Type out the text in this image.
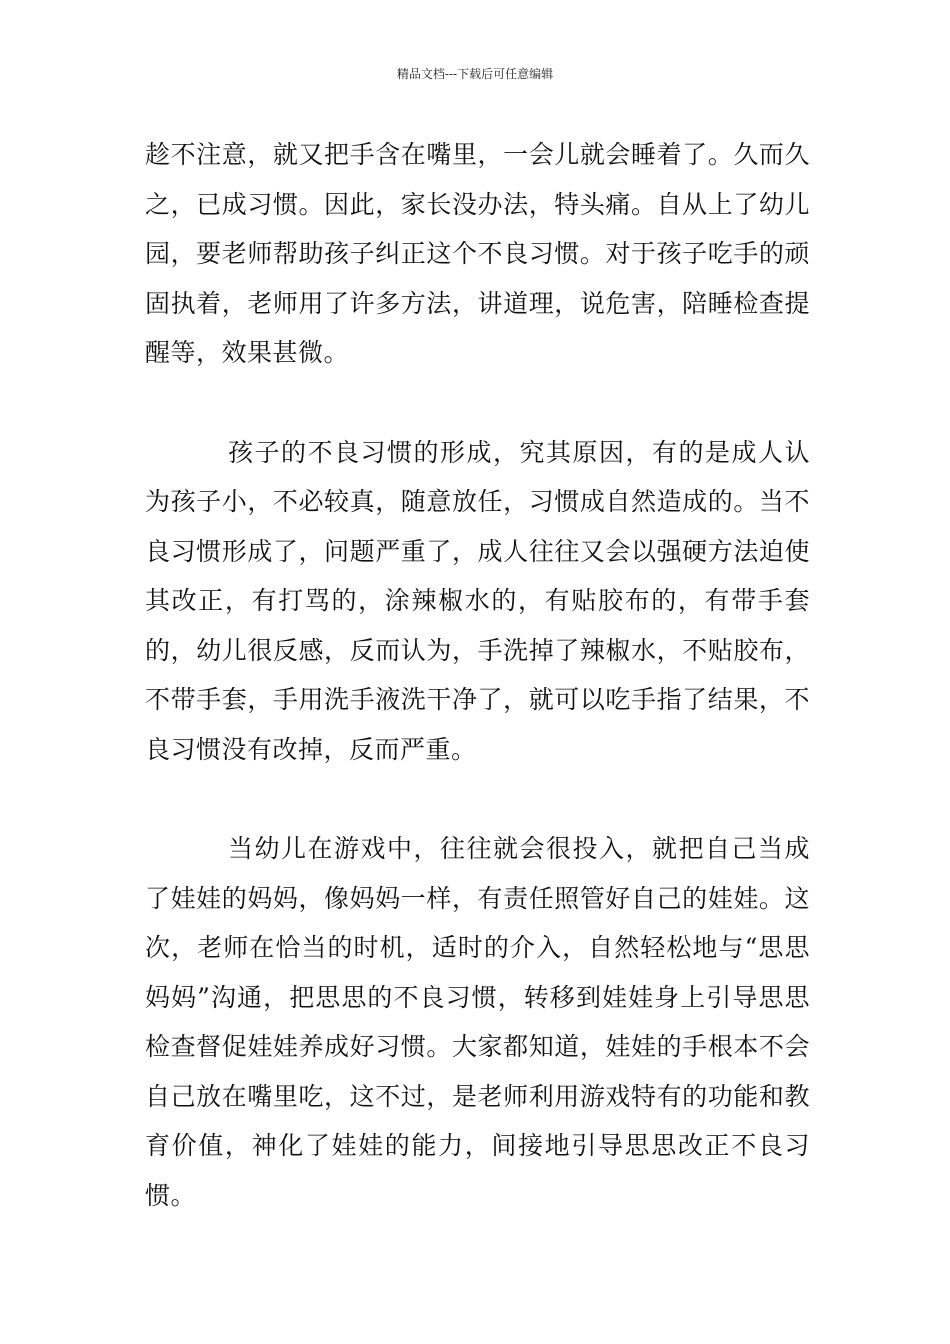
精品文档---下载后可任意编辑

趁不注意，就又把手含在嘴里，一会儿就会睡着了。久而久之，已成习惯。因此，家长没办法，特头痛。自从上了幼儿园，要老师帮助孩子纠正这个不良习惯。对于孩子吃手的顽固执着，老师用了许多方法，讲道理，说危害，陪睡检查提醒等，效果甚微。

孩子的不良习惯的形成，究其原因，有的是成人认为孩子小，不必较真，随意放任，习惯成自然造成的。当不良习惯形成了，问题严重了，成人往往又会以强硬方法迫使其改正，有打骂的，涂辣椒水的，有贴胶布的，有带手套的，幼儿很反感，反而认为，手洗掉了辣椒水，不贴胶布，不带手套，手用洗手液洗干净了，就可以吃手指了结果，不良习惯没有改掉，反而严重。

当幼儿在游戏中，往往就会很投入，就把自己当成了娃娃的妈妈，像妈妈一样，有责任照管好自己的娃娃。这次，老师在恰当的时机，适时的介入，自然轻松地与“思思妈妈”沟通，把思思的不良习惯，转移到娃娃身上引导思思检查督促娃娃养成好习惯。大家都知道，娃娃的手根本不会自己放在嘴里吃，这不过，是老师利用游戏特有的功能和教育价值，神化了娃娃的能力，间接地引导思思改正不良习惯。
